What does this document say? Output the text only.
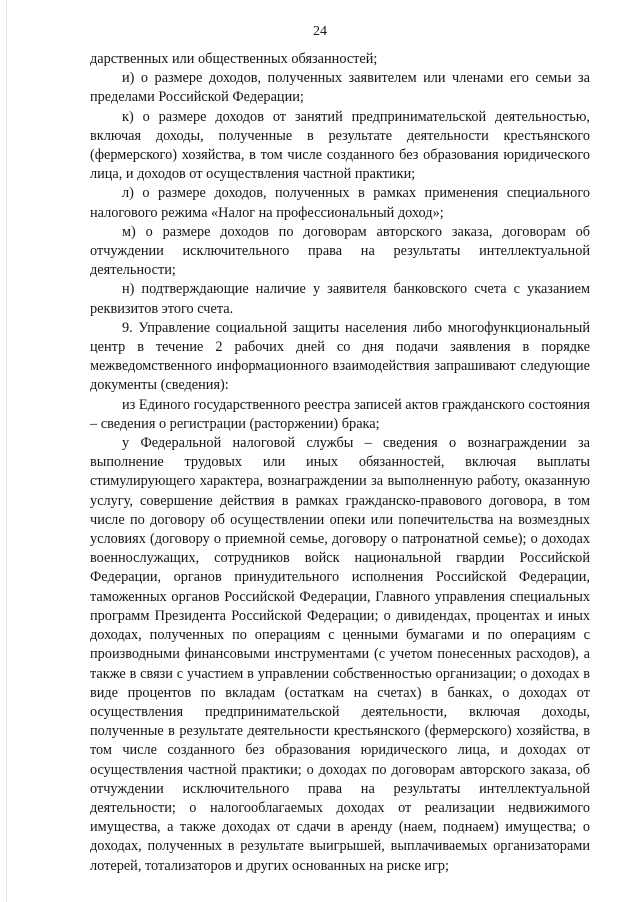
24

дарственных или общественных обязанностей;

и) о размере доходов, полученных заявителем или членами его семьи за пределами Российской Федерации;

к) о размере доходов от занятий предпринимательской деятельностью, включая доходы, полученные в результате деятельности крестьянского (фермерского) хозяйства, в том числе созданного без образования юридического лица, и доходов от осуществления частной практики;

л) о размере доходов, полученных в рамках применения специального налогового режима «Налог на профессиональный доход»;

м) о размере доходов по договорам авторского заказа, договорам об отчуждении исключительного права на результаты интеллектуальной деятельности;

н) подтверждающие наличие у заявителя банковского счета с указанием реквизитов этого счета.

9. Управление социальной защиты населения либо многофункциональный центр в течение 2 рабочих дней со дня подачи заявления в порядке межведомственного информационного взаимодействия запрашивают следующие документы (сведения):

из Единого государственного реестра записей актов гражданского состояния – сведения о регистрации (расторжении) брака;

у Федеральной налоговой службы – сведения о вознаграждении за выполнение трудовых или иных обязанностей, включая выплаты стимулирующего характера, вознаграждении за выполненную работу, оказанную услугу, совершение действия в рамках гражданско-правового договора, в том числе по договору об осуществлении опеки или попечительства на возмездных условиях (договору о приемной семье, договору о патронатной семье); о доходах военнослужащих, сотрудников войск национальной гвардии Российской Федерации, органов принудительного исполнения Российской Федерации, таможенных органов Российской Федерации, Главного управления специальных программ Президента Российской Федерации; о дивидендах, процентах и иных доходах, полученных по операциям с ценными бумагами и по операциям с производными финансовыми инструментами (с учетом понесенных расходов), а также в связи с участием в управлении собственностью организации; о доходах в виде процентов по вкладам (остаткам на счетах) в банках, о доходах от осуществления предпринимательской деятельности, включая доходы, полученные в результате деятельности крестьянского (фермерского) хозяйства, в том числе созданного без образования юридического лица, и доходах от осуществления частной практики; о доходах по договорам авторского заказа, об отчуждении исключительного права на результаты интеллектуальной деятельности; о налогооблагаемых доходах от реализации недвижимого имущества, а также доходах от сдачи в аренду (наем, поднаем) имущества; о доходах, полученных в результате выигрышей, выплачиваемых организаторами лотерей, тотализаторов и других основанных на риске игр;
